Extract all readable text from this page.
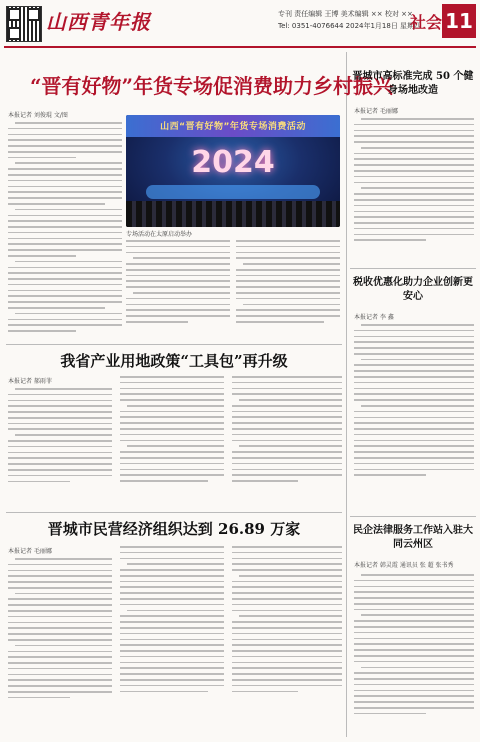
山西青年报	专刊 责任编辑 王博 美术编辑 ×× 校对 ××
Tel: 0351-4076644 2024年1月18日 星期四
社会 11
“晋有好物”年货专场促消费助力乡村振兴
本报记者 刘俊琨 文/图
山西“晋有好物”年货专场消费活动
2024
专场活动在太原启动举办
我省产业用地政策“工具包”再升级
本报记者 郝雨菲
晋城市民营经济组织达到 26.89 万家
本报记者 毛丽娜
晋城市高标准完成 50 个健身场地改造
本报记者 毛丽娜
税收优惠化助力企业创新更安心
本报记者 李 鑫
民企法律服务工作站入驻大同云州区
本报记者 韩灵霞 通讯员 张 超 张书秀
